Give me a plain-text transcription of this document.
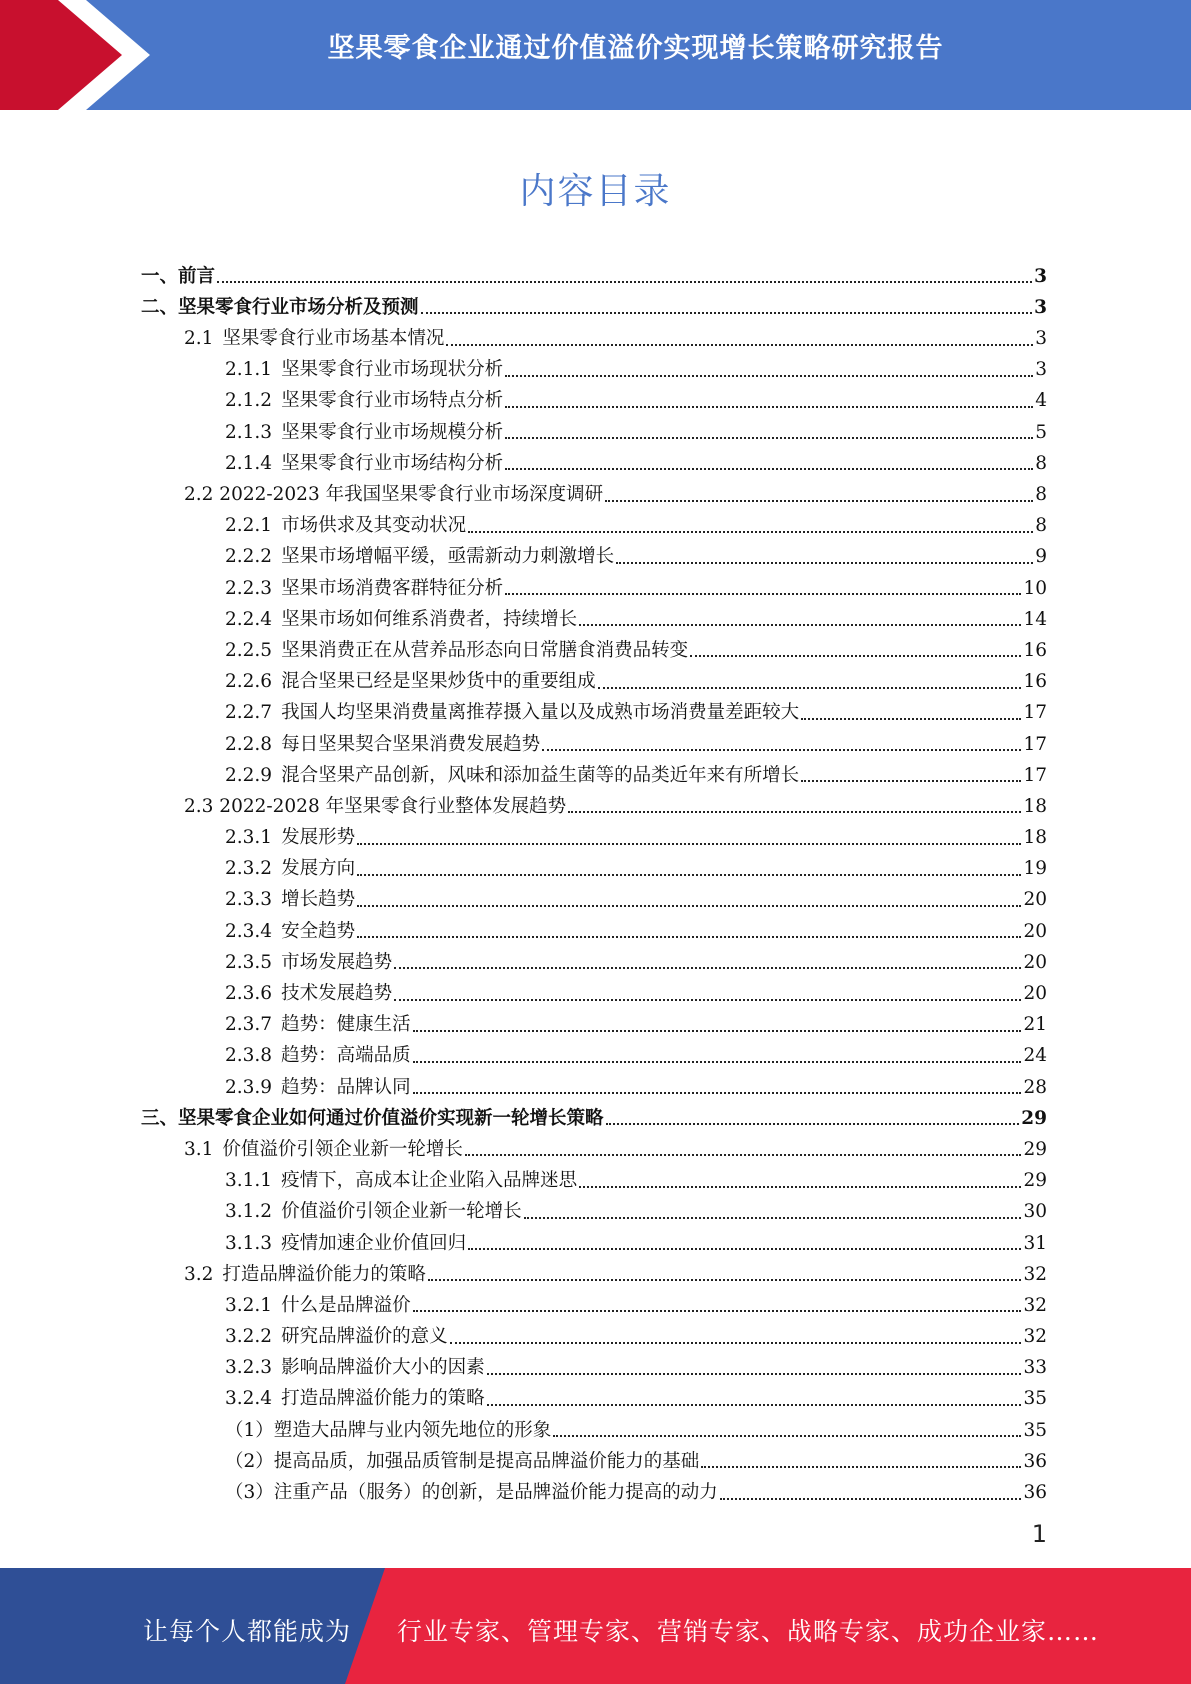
坚果零食企业通过价值溢价实现增长策略研究报告
内容目录
一、前言	3
二、坚果零食行业市场分析及预测	3
2.1 坚果零食行业市场基本情况	3
2.1.1 坚果零食行业市场现状分析	3
2.1.2 坚果零食行业市场特点分析	4
2.1.3 坚果零食行业市场规模分析	5
2.1.4 坚果零食行业市场结构分析	8
2.2 2022-2023 年我国坚果零食行业市场深度调研	8
2.2.1 市场供求及其变动状况	8
2.2.2 坚果市场增幅平缓，亟需新动力刺激增长	9
2.2.3 坚果市场消费客群特征分析	10
2.2.4 坚果市场如何维系消费者，持续增长	14
2.2.5 坚果消费正在从营养品形态向日常膳食消费品转变	16
2.2.6 混合坚果已经是坚果炒货中的重要组成	16
2.2.7 我国人均坚果消费量离推荐摄入量以及成熟市场消费量差距较大	17
2.2.8 每日坚果契合坚果消费发展趋势	17
2.2.9 混合坚果产品创新，风味和添加益生菌等的品类近年来有所增长	17
2.3 2022-2028 年坚果零食行业整体发展趋势	18
2.3.1 发展形势	18
2.3.2 发展方向	19
2.3.3 增长趋势	20
2.3.4 安全趋势	20
2.3.5 市场发展趋势	20
2.3.6 技术发展趋势	20
2.3.7 趋势：健康生活	21
2.3.8 趋势：高端品质	24
2.3.9 趋势：品牌认同	28
三、坚果零食企业如何通过价值溢价实现新一轮增长策略	29
3.1 价值溢价引领企业新一轮增长	29
3.1.1 疫情下，高成本让企业陷入品牌迷思	29
3.1.2 价值溢价引领企业新一轮增长	30
3.1.3 疫情加速企业价值回归	31
3.2 打造品牌溢价能力的策略	32
3.2.1 什么是品牌溢价	32
3.2.2 研究品牌溢价的意义	32
3.2.3 影响品牌溢价大小的因素	33
3.2.4 打造品牌溢价能力的策略	35
（1）塑造大品牌与业内领先地位的形象	35
（2）提高品质，加强品质管制是提高品牌溢价能力的基础	36
（3）注重产品（服务）的创新，是品牌溢价能力提高的动力	36
1
让每个人都能成为 行业专家、管理专家、营销专家、战略专家、成功企业家……
